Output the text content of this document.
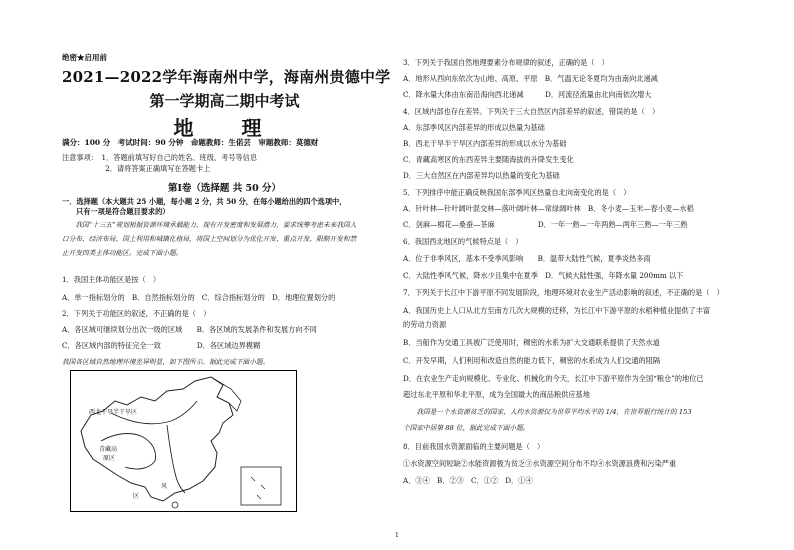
绝密★启用前
2021—2022学年海南州中学，海南州贵德中学
第一学期高二期中考试
地　理
满分：100 分　考试时间：90 分钟　命题教师：生偌芸　审题教师：莫德财
注意事项：　1．答题前填写好自己的姓名、班级、考号等信息
　　　　　　2．请将答案正确填写在答题卡上
第Ⅰ卷（选择题 共 50 分）
一．选择题（本大题共 25 小题，每小题 2 分，共 50 分，在每小题给出的四个选项中，
只有一项是符合题目要求的）
　　我国“十三五”规划根据资源环境承载能力、现有开发密度和发展潜力，要求统筹考虑未来我国人
口分布、经济布局、国土利用和城镇化格局，将国土空间划分为优化开发、重点开发、限制开发和禁
止开发四类主体功能区。完成下面小题。
1．我国主体功能区是按（　）
A．单一指标划分的　B．自然指标划分的　C．综合指标划分的　D．地理位置划分的
2．下列关于功能区的叙述，不正确的是（　）
A．各区域可继续划分出次一级的区域　　B．各区域的发展条件和发展方向不同
C．各区域内部的特征完全一致　　　　　D．各区域边界模糊
我国各区域自然地理环境差异明显，如下图所示。据此完成下面小题。
西北干旱半干旱区
青藏高
原区
风
区
3．下列关于我国自然地理要素分布规律的叙述，正确的是（　）
A．地形从西向东依次为山地、高原、平原　B．气温无论冬夏均为由南向北递减
C．降水量大体由东南沿海向西北递减　　　D．河流径流量由北向南依次增大
4．区域内部也存在差异。下列关于三大自然区内部差异的叙述，错误的是（　）
A．东部季风区内部差异的形成以热量为基础
B．西北干旱半干旱区内部差异的形成以水分为基础
C．青藏高寒区的东西差异主要随海拔的升降发生变化
D．三大自然区在内部差异均以热量的变化为基础
5．下列排序中能正确反映我国东部季风区热量自北向南变化的是（　）
A．针叶林—针叶阔叶混交林—落叶阔叶林—常绿阔叶林　B．冬小麦—玉米—春小麦—水稻
C．剑麻—棉花—桑蚕—茶麻　　　　　　D．一年一熟—一年两熟—两年三熟—一年三熟
6．我国西北地区的气候特点是（　）
A．位于非季风区，基本不受季风影响　　B．温带大陆性气候，夏季炎热多雨
C．大陆性季风气候，降水少且集中在夏季　D．气候大陆性强，年降水量 200mm 以下
7．下列关于长江中下游平原不同发展阶段，地理环境对农业生产活动影响的叙述，不正确的是（　）
A．我国历史上人口从北方至南方几次大规模的迁移，为长江中下游平原的水稻种植业提供了丰富
的劳动力资源
B．当船作为交通工具被广泛使用时，稠密的水系为扩大交通联系提供了天然水道
C．开发早期，人们利用和改造自然的能力低下，稠密的水系成为人们交通的阻隔
D．在农业生产走向规模化、专业化、机械化的今天，长江中下游平原作为全国“粮仓”的地位已
超过东北平原和华北平原，成为全国最大的商品粮供应基地
　　我国是一个水资源贫乏的国家，人均水资源仅为世界平均水平的 1/4，在世界银行统计的 153
个国家中居第 88 位，据此完成下面小题。
8．目前我国水资源面临的主要问题是（　）
①水资源空间短缺②水能资源极为贫乏③水资源空间分布不均④水资源浪费和污染严重
A．③④　B．②③　C．①②　D．①④
1
